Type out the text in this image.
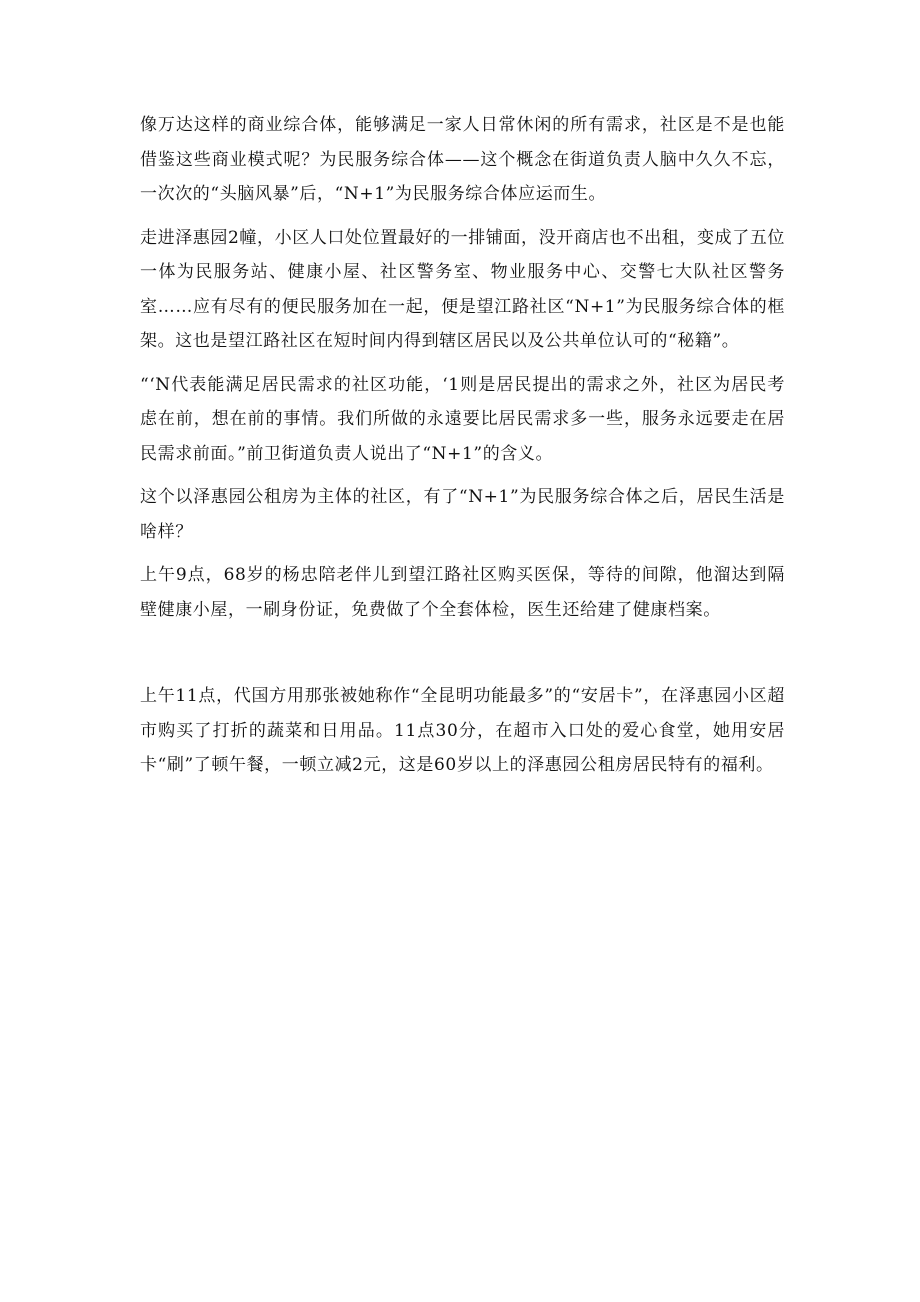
像万达这样的商业综合体，能够满足一家人日常休闲的所有需求，社区是不是也能借鉴这些商业模式呢？为民服务综合体——这个概念在街道负责人脑中久久不忘，一次次的“头脑风暴”后，“N+1”为民服务综合体应运而生。

走进泽惠园2幢，小区人口处位置最好的一排铺面，没开商店也不出租，变成了五位一体为民服务站、健康小屋、社区警务室、物业服务中心、交警七大队社区警务室……应有尽有的便民服务加在一起，便是望江路社区“N+1”为民服务综合体的框架。这也是望江路社区在短时间内得到辖区居民以及公共单位认可的“秘籍”。

“‘N代表能满足居民需求的社区功能，‘1则是居民提出的需求之外，社区为居民考虑在前，想在前的事情。我们所做的永遠要比居民需求多一些，服务永远要走在居民需求前面。”前卫街道负责人说出了“N+1”的含义。

这个以泽惠园公租房为主体的社区，有了“N+1”为民服务综合体之后，居民生活是啥样？

上午9点，68岁的杨忠陪老伴儿到望江路社区购买医保，等待的间隙，他溜达到隔壁健康小屋，一刷身份证，免费做了个全套体检，医生还给建了健康档案。

上午11点，代国方用那张被她称作“全昆明功能最多”的“安居卡”，在泽惠园小区超市购买了打折的蔬菜和日用品。11点30分，在超市入口处的爱心食堂，她用安居卡“刷”了顿午餐，一顿立减2元，这是60岁以上的泽惠园公租房居民特有的福利。
